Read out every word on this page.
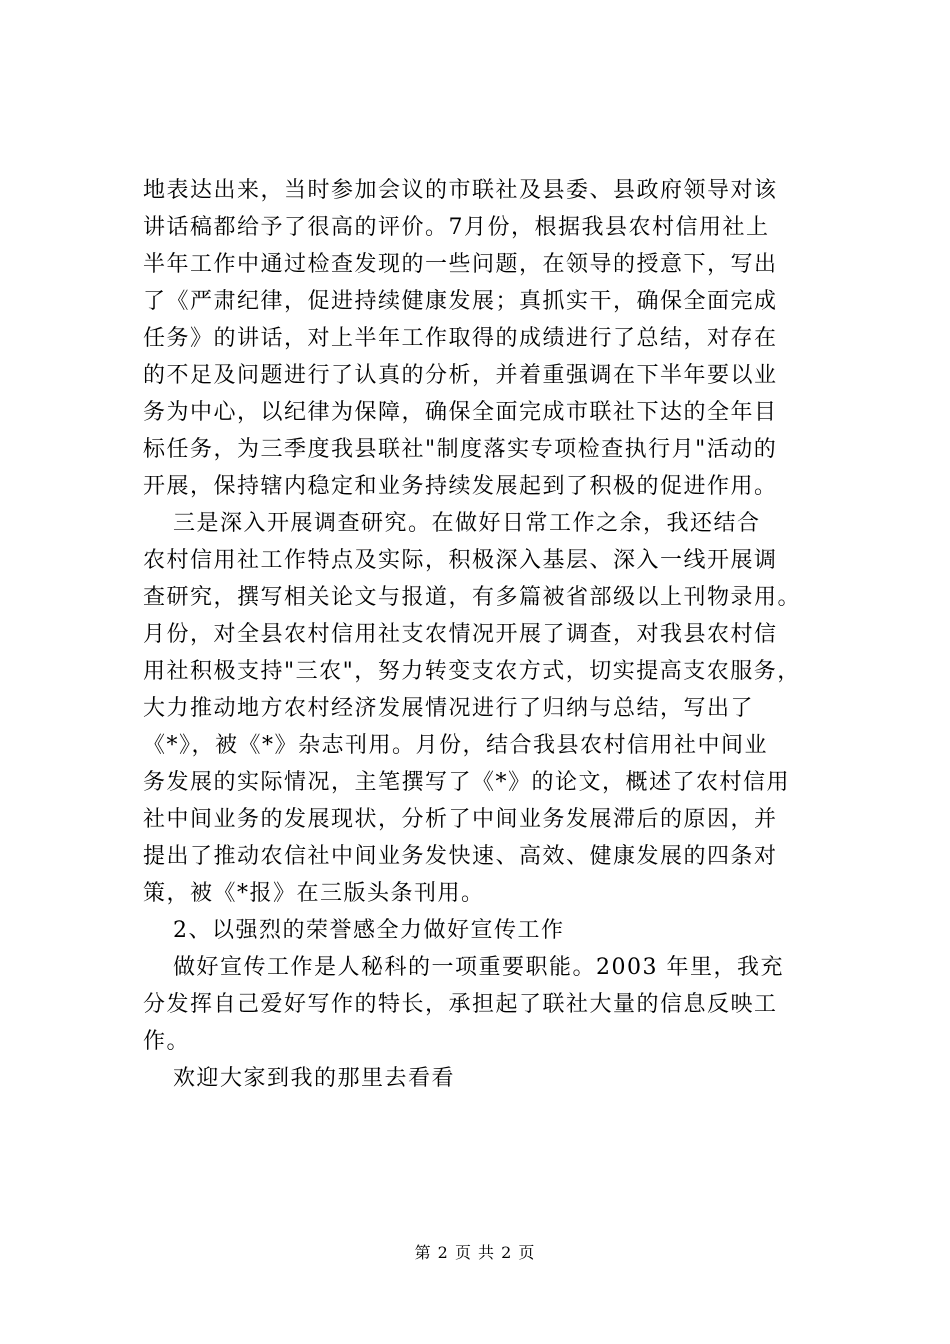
地表达出来，当时参加会议的市联社及县委、县政府领导对该
讲话稿都给予了很高的评价。7月份，根据我县农村信用社上
半年工作中通过检查发现的一些问题，在领导的授意下，写出
了《严肃纪律，促进持续健康发展；真抓实干，确保全面完成
任务》的讲话，对上半年工作取得的成绩进行了总结，对存在
的不足及问题进行了认真的分析，并着重强调在下半年要以业
务为中心，以纪律为保障，确保全面完成市联社下达的全年目
标任务，为三季度我县联社"制度落实专项检查执行月"活动的
开展，保持辖内稳定和业务持续发展起到了积极的促进作用。
三是深入开展调查研究。在做好日常工作之余，我还结合
农村信用社工作特点及实际，积极深入基层、深入一线开展调
查研究，撰写相关论文与报道，有多篇被省部级以上刊物录用。
月份，对全县农村信用社支农情况开展了调查，对我县农村信
用社积极支持"三农"，努力转变支农方式，切实提高支农服务，
大力推动地方农村经济发展情况进行了归纳与总结，写出了
《*》，被《*》杂志刊用。月份，结合我县农村信用社中间业
务发展的实际情况，主笔撰写了《*》的论文，概述了农村信用
社中间业务的发展现状，分析了中间业务发展滞后的原因，并
提出了推动农信社中间业务发快速、高效、健康发展的四条对
策，被《*报》在三版头条刊用。
2、以强烈的荣誉感全力做好宣传工作
做好宣传工作是人秘科的一项重要职能。2003 年里，我充
分发挥自己爱好写作的特长，承担起了联社大量的信息反映工
作。
欢迎大家到我的那里去看看
第 2 页 共 2 页
